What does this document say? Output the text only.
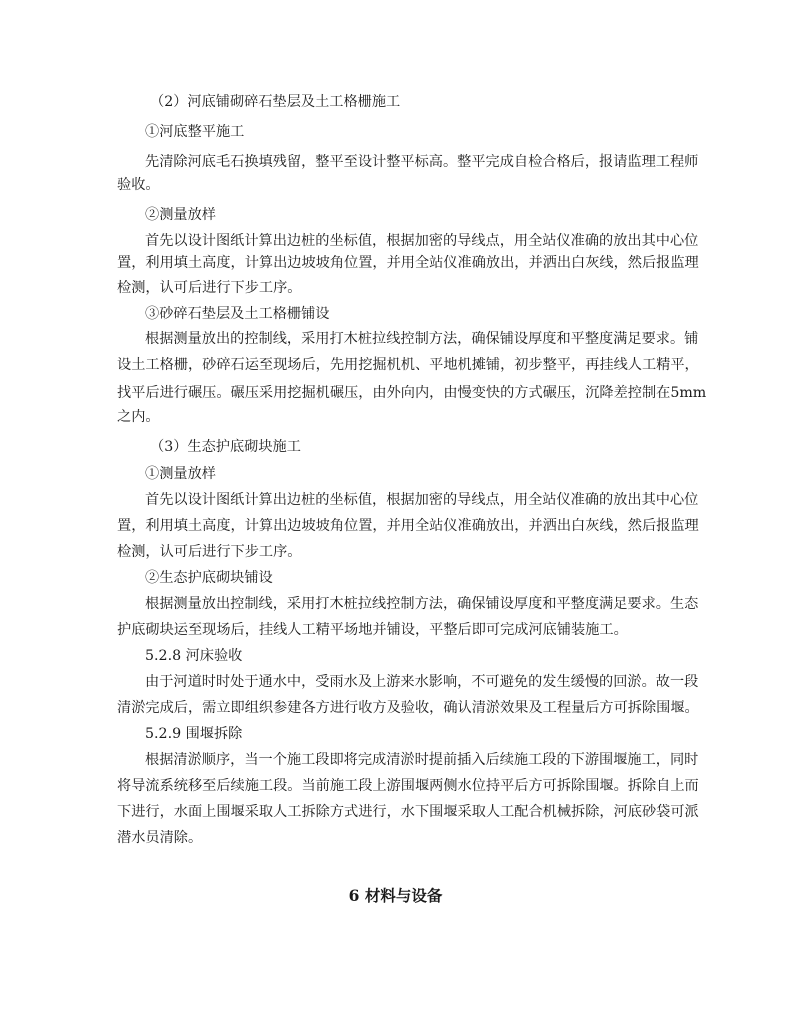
（2）河底铺砌碎石垫层及土工格栅施工
①河底整平施工
先清除河底毛石换填残留，整平至设计整平标高。整平完成自检合格后，报请监理工程师
验收。
②测量放样
首先以设计图纸计算出边桩的坐标值，根据加密的导线点，用全站仪准确的放出其中心位
置，利用填土高度，计算出边坡坡角位置，并用全站仪准确放出，并洒出白灰线，然后报监理
检测，认可后进行下步工序。
③砂碎石垫层及土工格栅铺设
根据测量放出的控制线，采用打木桩拉线控制方法，确保铺设厚度和平整度满足要求。铺
设土工格栅，砂碎石运至现场后，先用挖掘机机、平地机摊铺，初步整平，再挂线人工精平，
找平后进行碾压。碾压采用挖掘机碾压，由外向内，由慢变快的方式碾压，沉降差控制在5mm
之内。
（3）生态护底砌块施工
①测量放样
首先以设计图纸计算出边桩的坐标值，根据加密的导线点，用全站仪准确的放出其中心位
置，利用填土高度，计算出边坡坡角位置，并用全站仪准确放出，并洒出白灰线，然后报监理
检测，认可后进行下步工序。
②生态护底砌块铺设
根据测量放出控制线，采用打木桩拉线控制方法，确保铺设厚度和平整度满足要求。生态
护底砌块运至现场后，挂线人工精平场地并铺设，平整后即可完成河底铺装施工。
5.2.8 河床验收
由于河道时时处于通水中，受雨水及上游来水影响，不可避免的发生缓慢的回淤。故一段
清淤完成后，需立即组织参建各方进行收方及验收，确认清淤效果及工程量后方可拆除围堰。
5.2.9 围堰拆除
根据清淤顺序，当一个施工段即将完成清淤时提前插入后续施工段的下游围堰施工，同时
将导流系统移至后续施工段。当前施工段上游围堰两侧水位持平后方可拆除围堰。拆除自上而
下进行，水面上围堰采取人工拆除方式进行，水下围堰采取人工配合机械拆除，河底砂袋可派
潜水员清除。
6 材料与设备
